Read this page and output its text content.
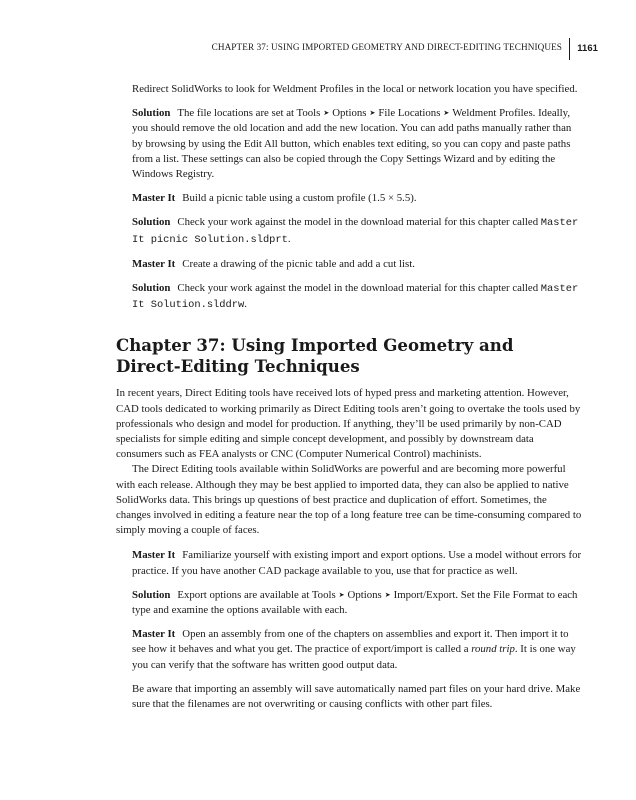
CHAPTER 37: USING IMPORTED GEOMETRY AND DIRECT-EDITING TECHNIQUES 1161

Redirect SolidWorks to look for Weldment Profiles in the local or network location you have specified.

Solution The file locations are set at Tools ➤ Options ➤ File Locations ➤ Weldment Profiles. Ideally, you should remove the old location and add the new location. You can add paths manually rather than by browsing by using the Edit All button, which enables text editing, so you can copy and paste paths from a list. These settings can also be copied through the Copy Settings Wizard and by editing the Windows Registry.

Master It Build a picnic table using a custom profile (1.5 × 5.5).

Solution Check your work against the model in the download material for this chapter called Master It picnic Solution.sldprt.

Master It Create a drawing of the picnic table and add a cut list.

Solution Check your work against the model in the download material for this chapter called Master It Solution.slddrw.

Chapter 37: Using Imported Geometry and Direct-Editing Techniques

In recent years, Direct Editing tools have received lots of hyped press and marketing attention. However, CAD tools dedicated to working primarily as Direct Editing tools aren’t going to overtake the tools used by professionals who design and model for production. If anything, they’ll be used primarily by non-CAD specialists for simple editing and simple concept development, and possibly by downstream data consumers such as FEA analysts or CNC (Computer Numerical Control) machinists.

The Direct Editing tools available within SolidWorks are powerful and are becoming more powerful with each release. Although they may be best applied to imported data, they can also be applied to native SolidWorks data. This brings up questions of best practice and duplication of effort. Sometimes, the changes involved in editing a feature near the top of a long feature tree can be time-consuming compared to simply moving a couple of faces.

Master It Familiarize yourself with existing import and export options. Use a model without errors for practice. If you have another CAD package available to you, use that for practice as well.

Solution Export options are available at Tools ➤ Options ➤ Import/Export. Set the File Format to each type and examine the options available with each.

Master It Open an assembly from one of the chapters on assemblies and export it. Then import it to see how it behaves and what you get. The practice of export/import is called a round trip. It is one way you can verify that the software has written good output data.

Be aware that importing an assembly will save automatically named part files on your hard drive. Make sure that the filenames are not overwriting or causing conflicts with other part files.
